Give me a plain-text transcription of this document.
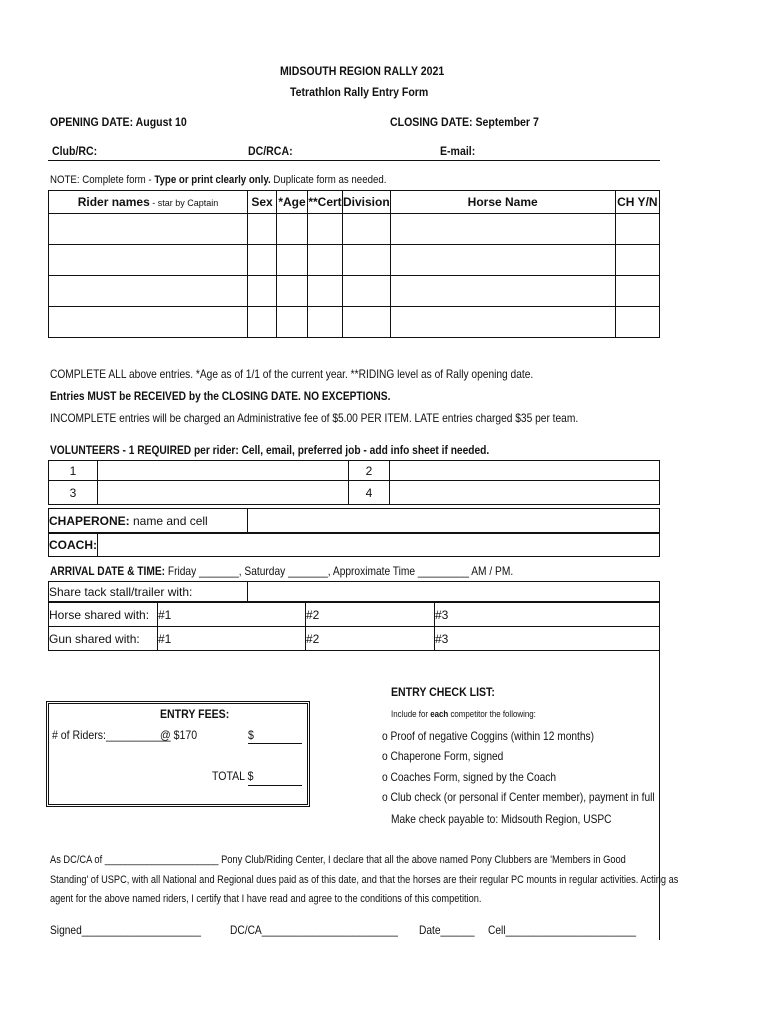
MIDSOUTH REGION RALLY 2021
Tetrathlon Rally Entry Form
OPENING DATE: August 10	CLOSING DATE: September 7
Club/RC:	DC/RCA:	E-mail:
NOTE: Complete form - Type or print clearly only. Duplicate form as needed.
Rider names - star by Captain	Sex	*Age	**Cert	Division	Horse Name	CH Y/N

COMPLETE ALL above entries. *Age as of 1/1 of the current year. **RIDING level as of Rally opening date.
Entries MUST be RECEIVED by the CLOSING DATE. NO EXCEPTIONS.
INCOMPLETE entries will be charged an Administrative fee of $5.00 PER ITEM. LATE entries charged $35 per team.
VOLUNTEERS - 1 REQUIRED per rider: Cell, email, preferred job - add info sheet if needed.
1		2	
3		4	
CHAPERONE: name and cell	
COACH:	
ARRIVAL DATE & TIME: Friday _______, Saturday _______, Approximate Time _________ AM / PM.
Share tack stall/trailer with:	
Horse shared with:	#1	#2	#3
Gun shared with:	#1	#2	#3
ENTRY FEES:
# of Riders:___________
@ $170	$
TOTAL $
ENTRY CHECK LIST:
Include for each competitor the following:
o Proof of negative Coggins (within 12 months)
o Chaperone Form, signed
o Coaches Form, signed by the Coach
o Club check (or personal if Center member), payment in full
Make check payable to: Midsouth Region, USPC
As DC/CA of ______________________ Pony Club/Riding Center, I declare that all the above named Pony Clubbers are 'Members in Good
Standing' of USPC, with all National and Regional dues paid as of this date, and that the horses are their regular PC mounts in regular activities. Acting as
agent for the above named riders, I certify that I have read and agree to the conditions of this competition.
Signed_____________________ DC/CA________________________ Date______ Cell_______________________
